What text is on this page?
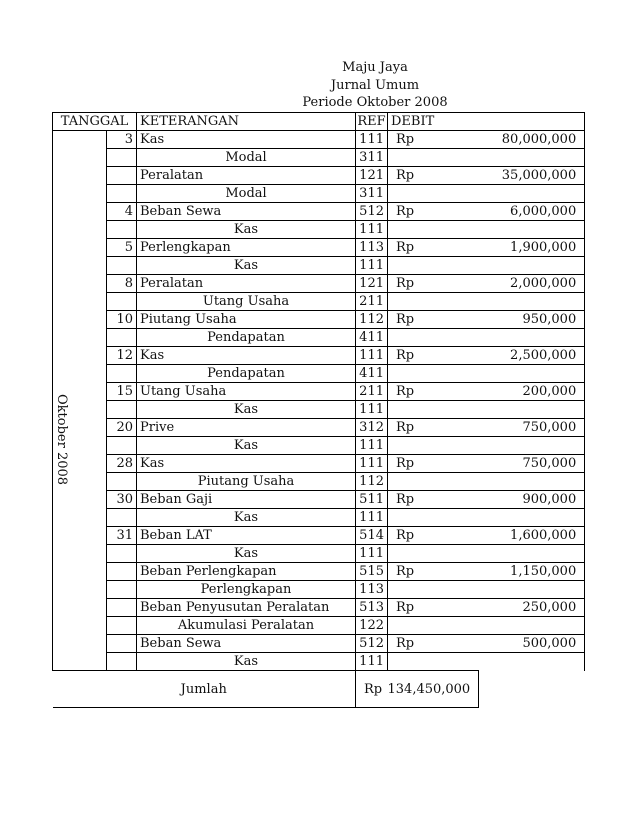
Maju Jaya
Jurnal Umum
Periode Oktober 2008
TANGGAL		KETERANGAN	REF	DEBIT	

Oktober 2008	3	Kas	111	Rp	80,000,000
		Modal	311		
		Peralatan	121	Rp	35,000,000
		Modal	311		
	4	Beban Sewa	512	Rp	6,000,000
		Kas	111		
	5	Perlengkapan	113	Rp	1,900,000
		Kas	111		
	8	Peralatan	121	Rp	2,000,000
		Utang Usaha	211		
	10	Piutang Usaha	112	Rp	950,000
		Pendapatan	411		
	12	Kas	111	Rp	2,500,000
		Pendapatan	411		
	15	Utang Usaha	211	Rp	200,000
		Kas	111		
	20	Prive	312	Rp	750,000
		Kas	111		
	28	Kas	111	Rp	750,000
		Piutang Usaha	112		
	30	Beban Gaji	511	Rp	900,000
		Kas	111		
	31	Beban LAT	514	Rp	1,600,000
		Kas	111		
		Beban Perlengkapan	515	Rp	1,150,000
		Perlengkapan	113		
		Beban Penyusutan Peralatan	513	Rp	250,000
		Akumulasi Peralatan	122		
		Beban Sewa	512	Rp	500,000
		Kas	111		
Jumlah			Rp	134,450,000	
